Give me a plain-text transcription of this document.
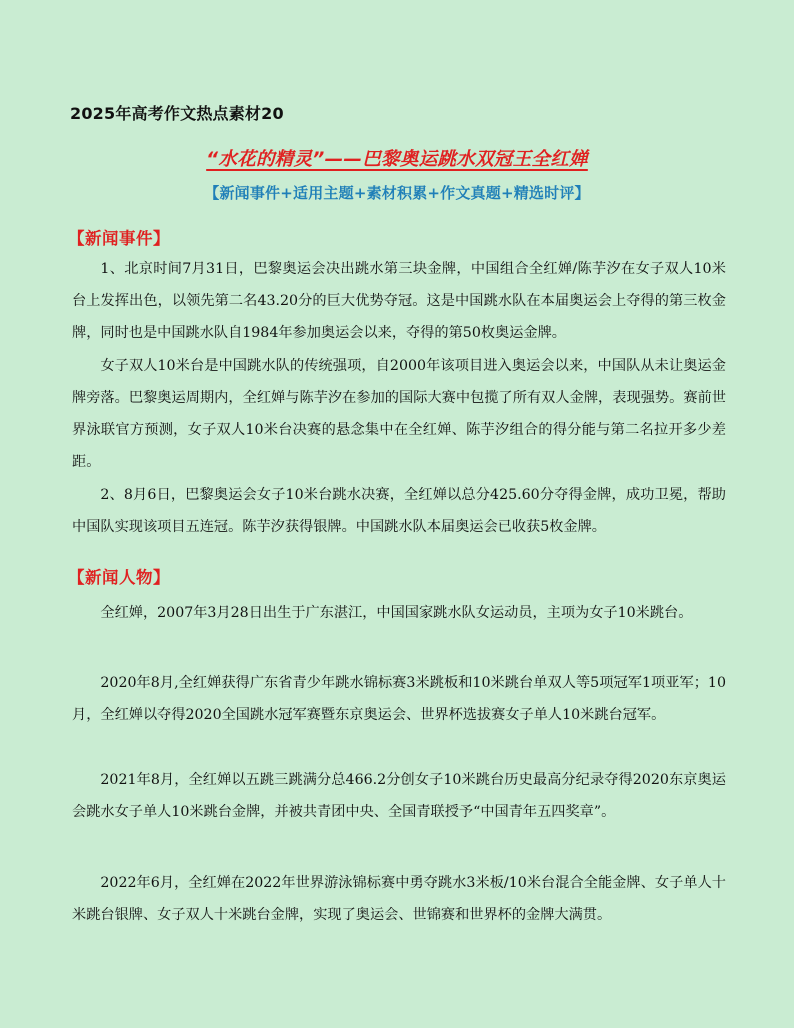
2025年高考作文热点素材20
“水花的精灵”——巴黎奥运跳水双冠王全红婵
【新闻事件+适用主题+素材积累+作文真题+精选时评】
【新闻事件】

1、北京时间7月31日，巴黎奥运会决出跳水第三块金牌，中国组合全红婵/陈芋汐在女子双人10米台上发挥出色，以领先第二名43.20分的巨大优势夺冠。这是中国跳水队在本届奥运会上夺得的第三枚金牌，同时也是中国跳水队自1984年参加奥运会以来，夺得的第50枚奥运金牌。

女子双人10米台是中国跳水队的传统强项，自2000年该项目进入奥运会以来，中国队从未让奥运金牌旁落。巴黎奥运周期内，全红婵与陈芋汐在参加的国际大赛中包揽了所有双人金牌，表现强势。赛前世界泳联官方预测，女子双人10米台决赛的悬念集中在全红婵、陈芋汐组合的得分能与第二名拉开多少差距。

2、8月6日，巴黎奥运会女子10米台跳水决赛，全红婵以总分425.60分夺得金牌，成功卫冕，帮助中国队实现该项目五连冠。陈芋汐获得银牌。中国跳水队本届奥运会已收获5枚金牌。

【新闻人物】

全红婵，2007年3月28日出生于广东湛江，中国国家跳水队女运动员，主项为女子10米跳台。

2020年8月,全红婵获得广东省青少年跳水锦标赛3米跳板和10米跳台单双人等5项冠军1项亚军；10月，全红婵以夺得2020全国跳水冠军赛暨东京奥运会、世界杯选拔赛女子单人10米跳台冠军。

2021年8月，全红婵以五跳三跳满分总466.2分创女子10米跳台历史最高分纪录夺得2020东京奥运会跳水女子单人10米跳台金牌，并被共青团中央、全国青联授予“中国青年五四奖章”。

2022年6月，全红婵在2022年世界游泳锦标赛中勇夺跳水3米板/10米台混合全能金牌、女子单人十米跳台银牌、女子双人十米跳台金牌，实现了奥运会、世锦赛和世界杯的金牌大满贯。
